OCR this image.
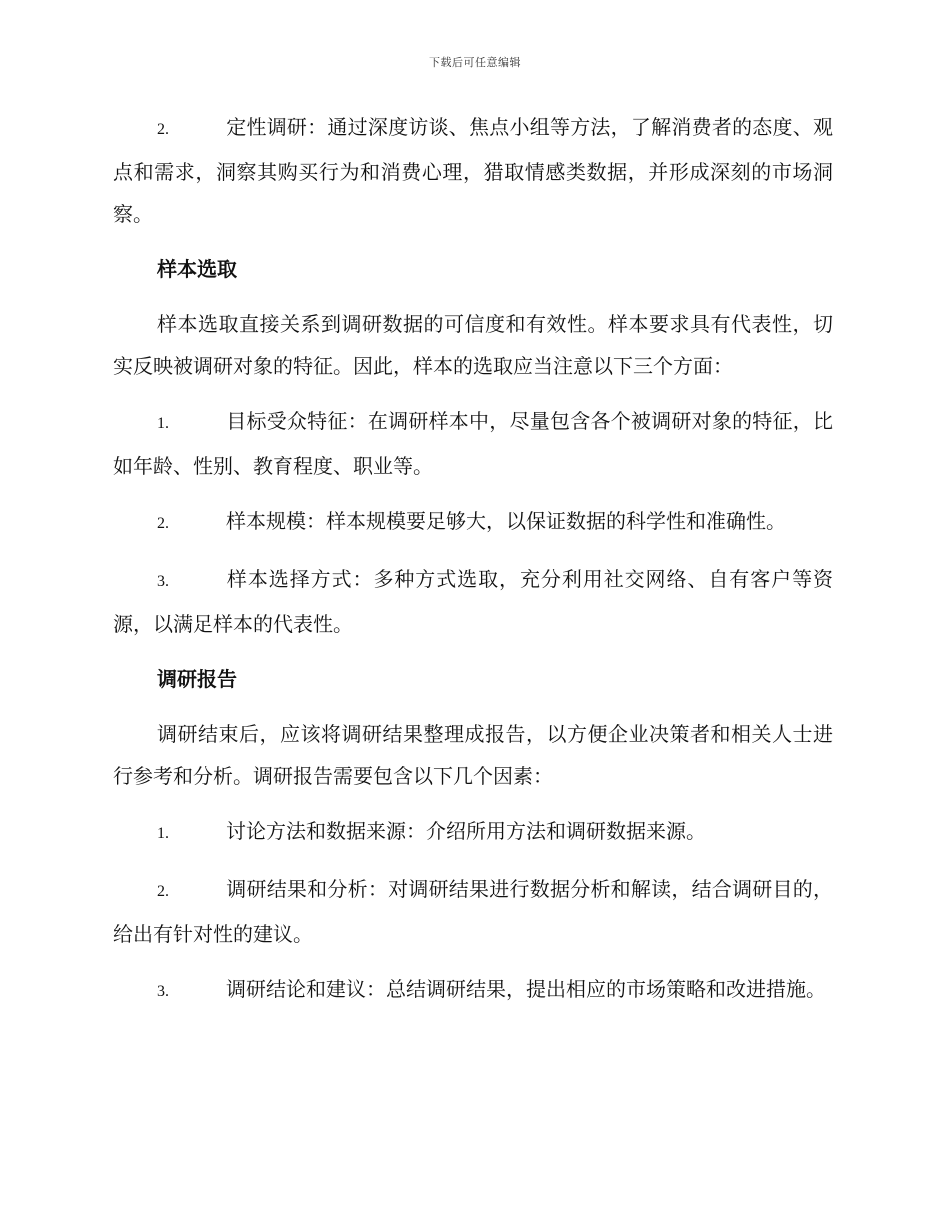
下载后可任意编辑

2.	定性调研：通过深度访谈、焦点小组等方法，了解消费者的态度、观点和需求，洞察其购买行为和消费心理，猎取情感类数据，并形成深刻的市场洞察。

样本选取

样本选取直接关系到调研数据的可信度和有效性。样本要求具有代表性，切实反映被调研对象的特征。因此，样本的选取应当注意以下三个方面：

1.	目标受众特征：在调研样本中，尽量包含各个被调研对象的特征，比如年龄、性别、教育程度、职业等。

2.	样本规模：样本规模要足够大，以保证数据的科学性和准确性。

3.	样本选择方式：多种方式选取，充分利用社交网络、自有客户等资源，以满足样本的代表性。

调研报告

调研结束后，应该将调研结果整理成报告，以方便企业决策者和相关人士进行参考和分析。调研报告需要包含以下几个因素：

1.	讨论方法和数据来源：介绍所用方法和调研数据来源。

2.	调研结果和分析：对调研结果进行数据分析和解读，结合调研目的，给出有针对性的建议。

3.	调研结论和建议：总结调研结果，提出相应的市场策略和改进措施。
